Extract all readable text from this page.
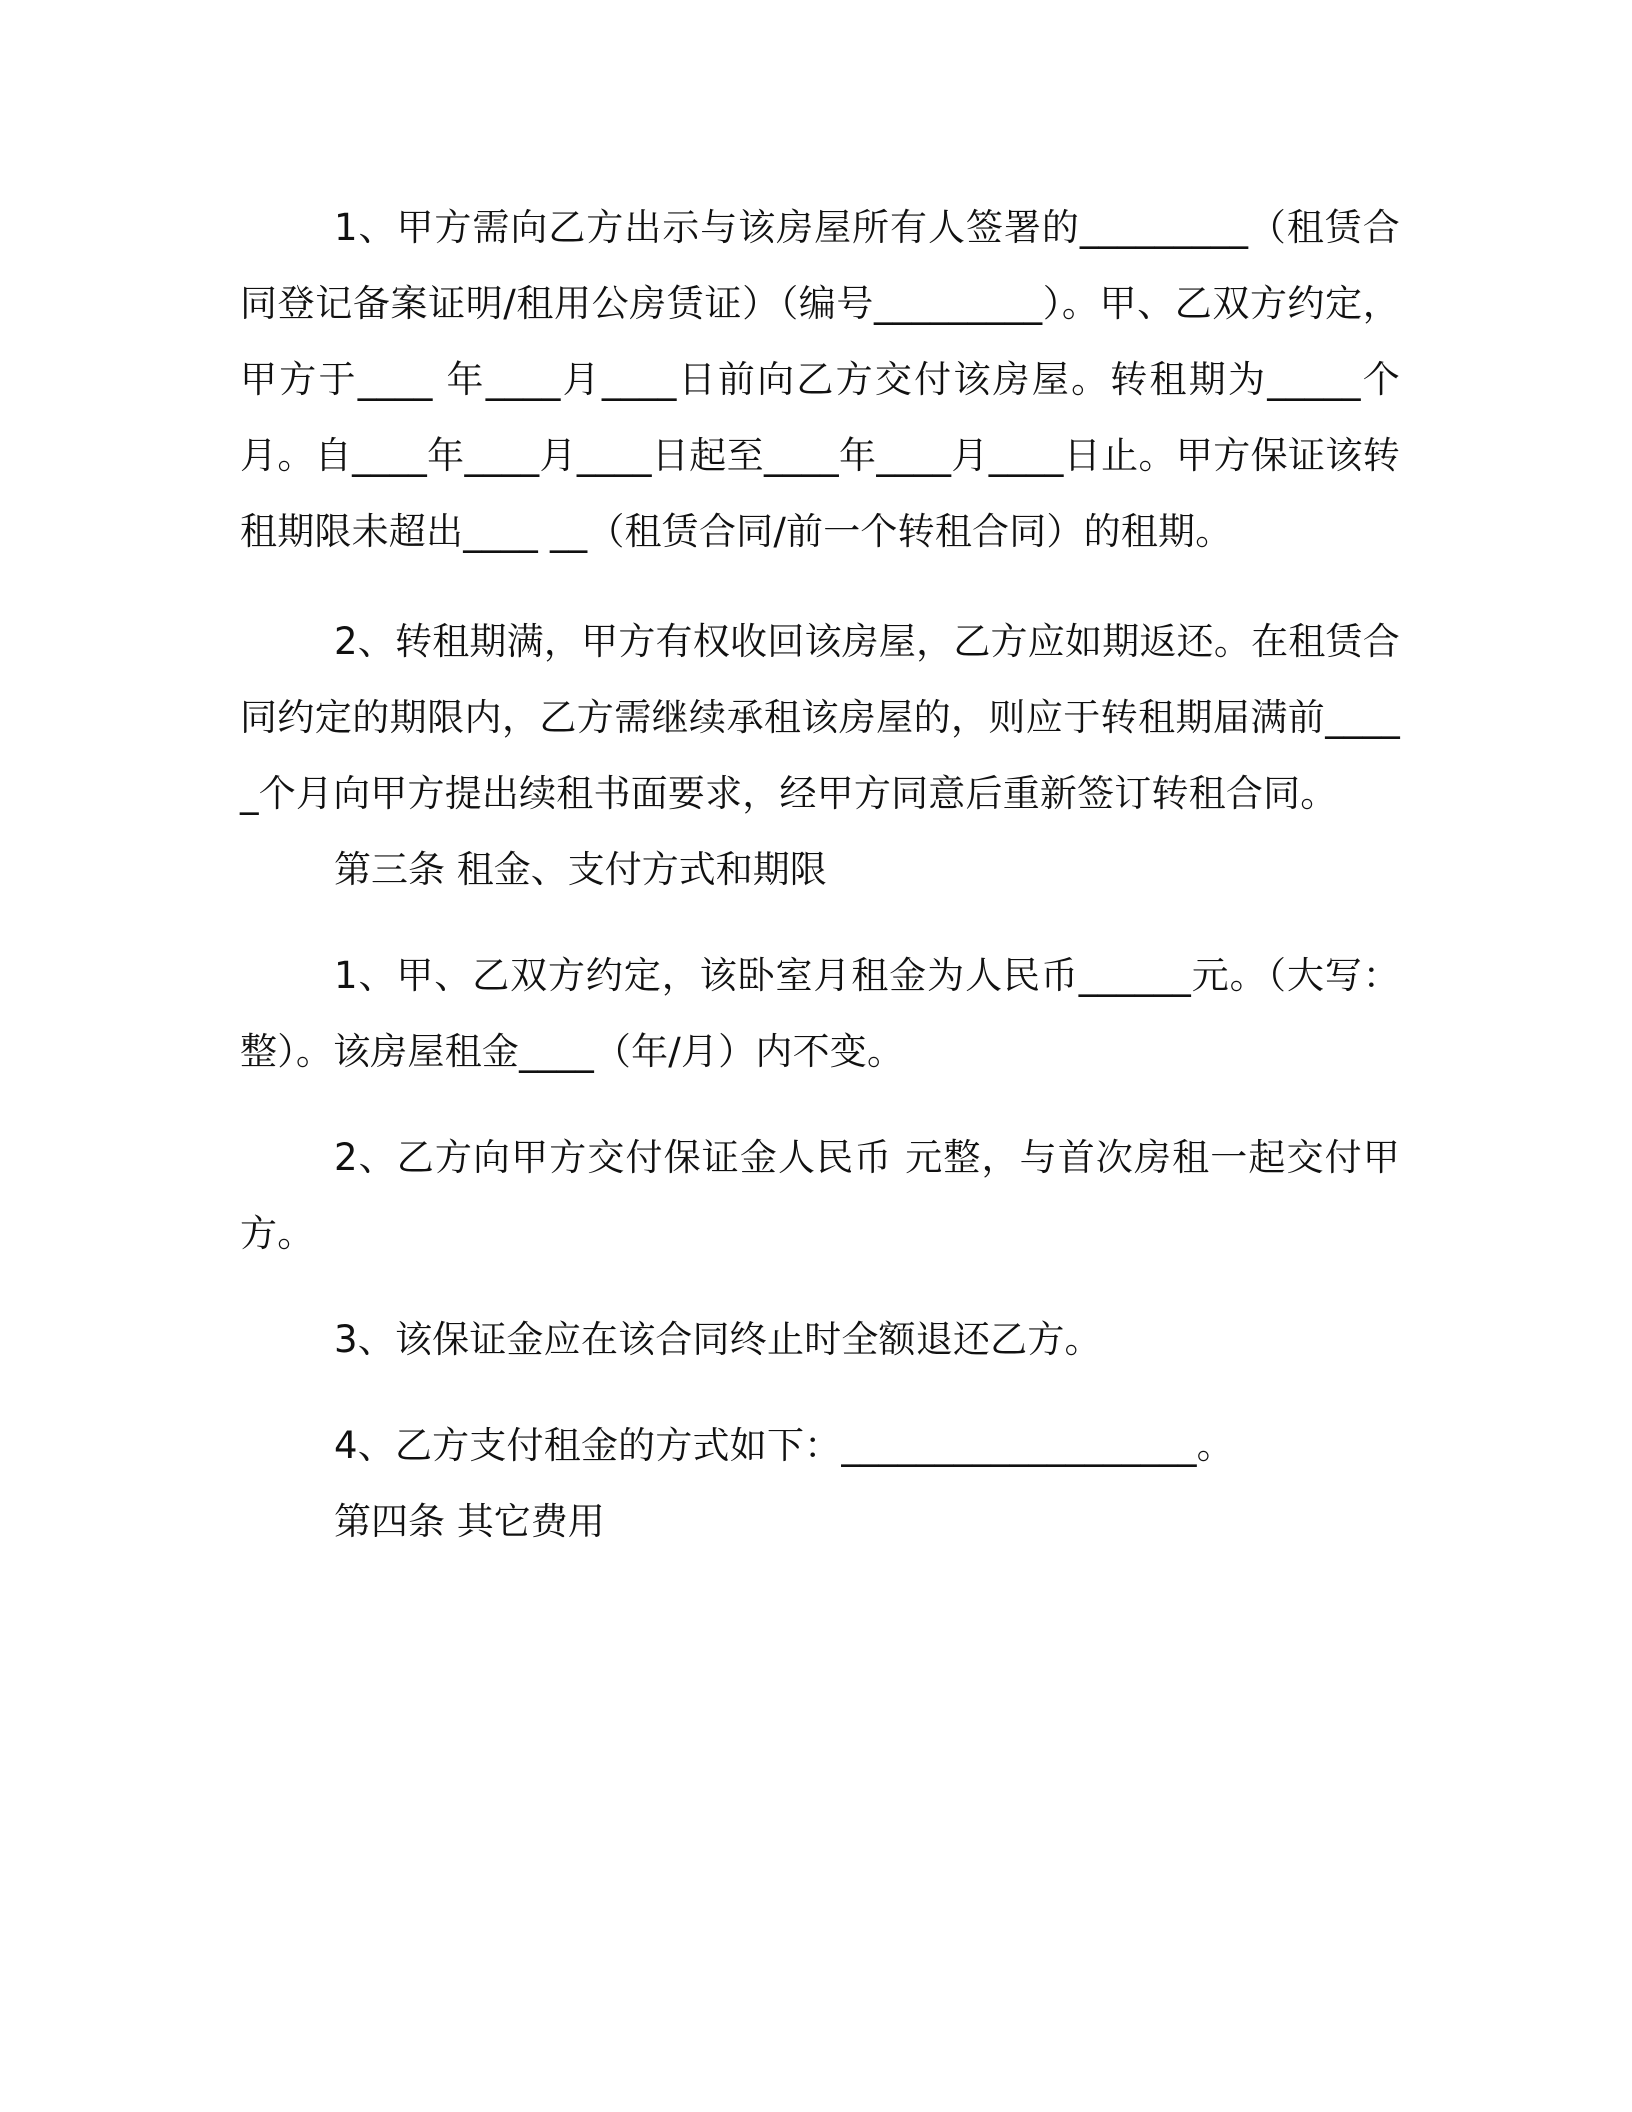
1、甲方需向乙方出示与该房屋所有人签署的_________（租赁合同登记备案证明/租用公房赁证）（编号_________）。甲、乙双方约定，甲方于____ 年____月____日前向乙方交付该房屋。转租期为_____个月。自____年____月____日起至____年____月____日止。甲方保证该转租期限未超出____ __（租赁合同/前一个转租合同）的租期。

2、转租期满，甲方有权收回该房屋，乙方应如期返还。在租赁合同约定的期限内，乙方需继续承租该房屋的，则应于转租期届满前_____个月向甲方提出续租书面要求，经甲方同意后重新签订转租合同。

第三条 租金、支付方式和期限

1、甲、乙双方约定，该卧室月租金为人民币______元。（大写：整）。该房屋租金____（年/月）内不变。

2、乙方向甲方交付保证金人民币 元整，与首次房租一起交付甲方。

3、该保证金应在该合同终止时全额退还乙方。

4、乙方支付租金的方式如下：___________________。

第四条 其它费用
